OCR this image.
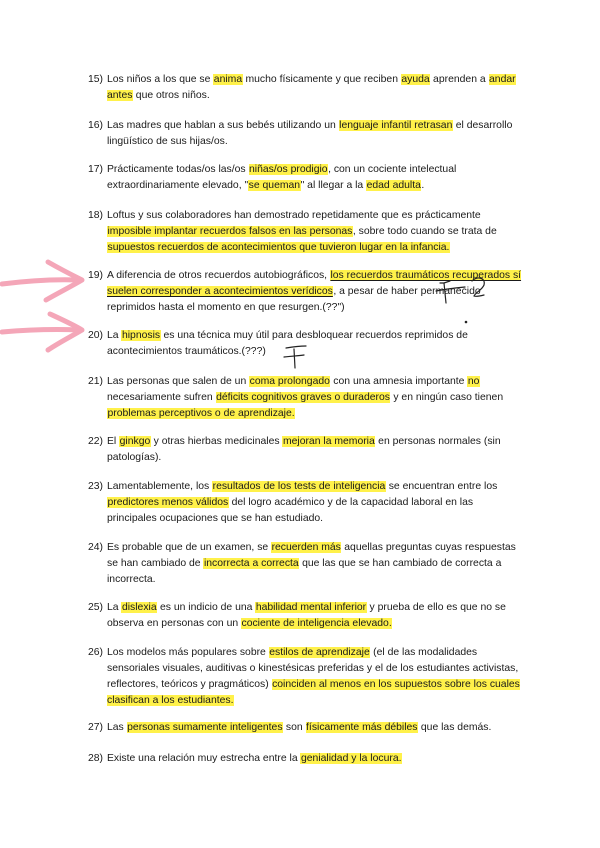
15) Los niños a los que se anima mucho físicamente y que reciben ayuda aprenden a andar antes que otros niños.
16) Las madres que hablan a sus bebés utilizando un lenguaje infantil retrasan el desarrollo lingüístico de sus hijas/os.
17) Prácticamente todas/os las/os niñas/os prodigio, con un cociente intelectual extraordinariamente elevado, "se queman" al llegar a la edad adulta.
18) Loftus y sus colaboradores han demostrado repetidamente que es prácticamente imposible implantar recuerdos falsos en las personas, sobre todo cuando se trata de supuestos recuerdos de acontecimientos que tuvieron lugar en la infancia.
19) A diferencia de otros recuerdos autobiográficos, los recuerdos traumáticos recuperados sí suelen corresponder a acontecimientos verídicos, a pesar de haber permanecido reprimidos hasta el momento en que resurgen.(??")
20) La hipnosis es una técnica muy útil para desbloquear recuerdos reprimidos de acontecimientos traumáticos.(???)
21) Las personas que salen de un coma prolongado con una amnesia importante no necesariamente sufren déficits cognitivos graves o duraderos y en ningún caso tienen problemas perceptivos o de aprendizaje.
22) El ginkgo y otras hierbas medicinales mejoran la memoria en personas normales (sin patologías).
23) Lamentablemente, los resultados de los tests de inteligencia se encuentran entre los predictores menos válidos del logro académico y de la capacidad laboral en las principales ocupaciones que se han estudiado.
24) Es probable que de un examen, se recuerden más aquellas preguntas cuyas respuestas se han cambiado de incorrecta a correcta que las que se han cambiado de correcta a incorrecta.
25) La dislexia es un indicio de una habilidad mental inferior y prueba de ello es que no se observa en personas con un cociente de inteligencia elevado.
26) Los modelos más populares sobre estilos de aprendizaje (el de las modalidades sensoriales visuales, auditivas o kinestésicas preferidas y el de los estudiantes activistas, reflectores, teóricos y pragmáticos) coinciden al menos en los supuestos sobre los cuales clasifican a los estudiantes.
27) Las personas sumamente inteligentes son físicamente más débiles que las demás.
28) Existe una relación muy estrecha entre la genialidad y la locura.
